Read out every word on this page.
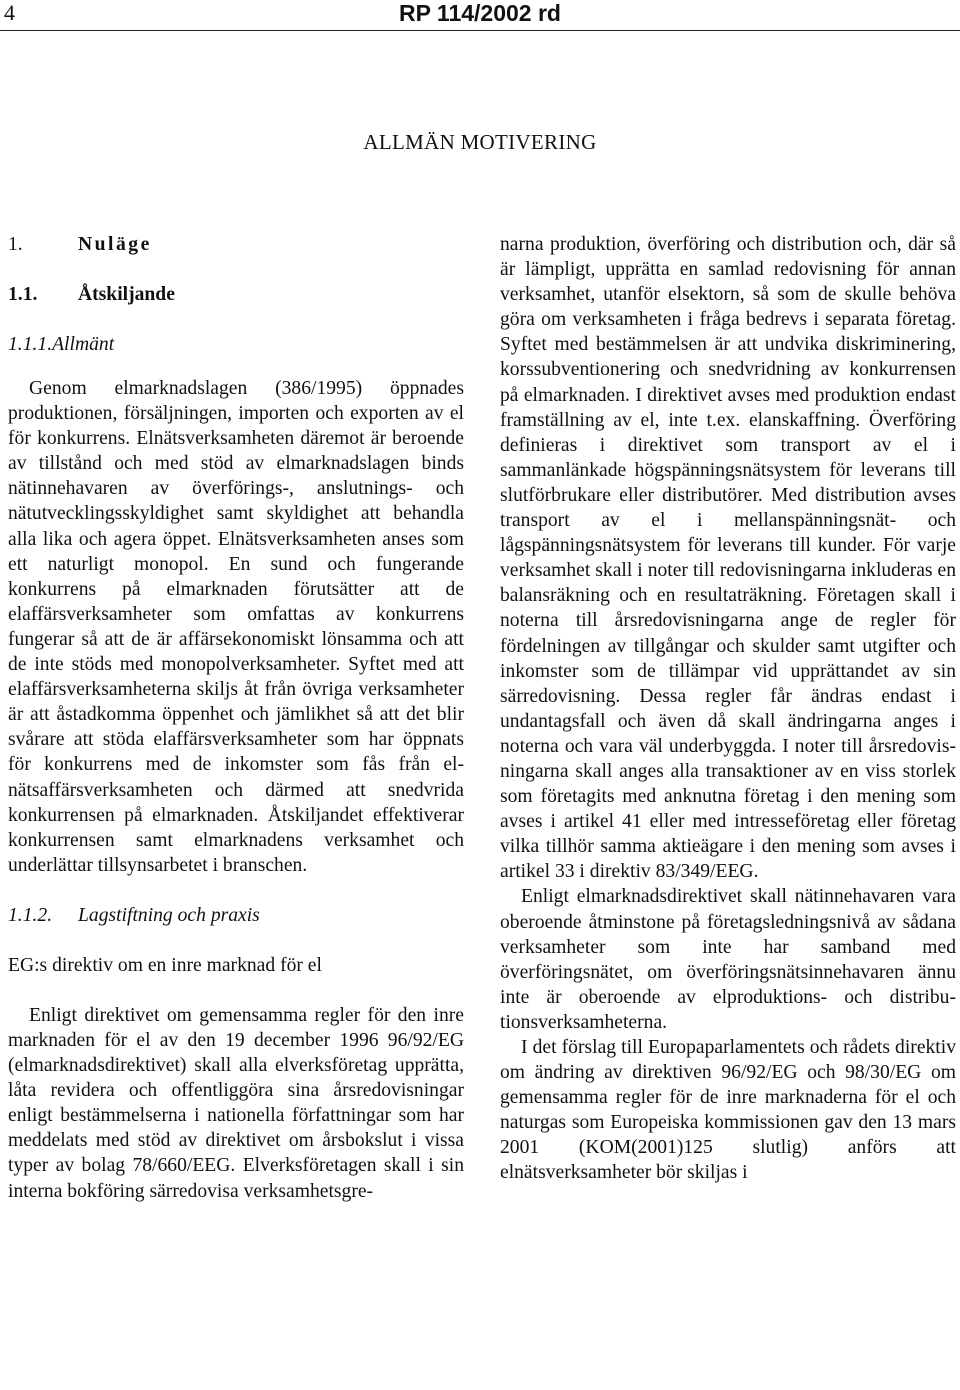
4	RP 114/2002 rd
ALLMÄN MOTIVERING
1.	Nuläge
1.1. Åtskiljande
1.1.1.Allmänt

Genom elmarknadslagen (386/1995) öppnades produktionen, försäljningen, importen och exporten av el för konkurrens. Elnätsverksamheten däremot är beroende av tillstånd och med stöd av elmarknadslagen binds nätinnehavaren av överförings-, anslutnings- och nätutvecklingsskyldighet samt skyldighet att behandla alla lika och agera öppet. Elnätsverksamheten anses som ett naturligt monopol. En sund och fungerande konkurrens på elmarknaden förutsätter att de elaffärsverksamheter som omfattas av konkurrens fungerar så att de är affärsekonomiskt lönsamma och att de inte stöds med monopolverksamheter. Syftet med att elaffärsverksamheterna skiljs åt från övriga verksamheter är att åstadkomma öppenhet och jämlikhet så att det blir svårare att stöda elaffärsverksamheter som har öppnats för konkurrens med de inkomster som fås från elnätsaffärsverksamheten och därmed att snedvrida konkurrensen på elmarknaden. Åtskiljandet effektiverar konkurrensen samt elmarknadens verksamhet och underlättar tillsynsarbetet i branschen.

1.1.2. Lagstiftning och praxis
EG:s direktiv om en inre marknad för el

Enligt direktivet om gemensamma regler för den inre marknaden för el av den 19 december 1996 96/92/EG (elmarknadsdirektivet) skall alla elverksföretag upprätta, låta revidera och offentliggöra sina årsredovisningar enligt bestämmelserna i nationella författningar som har meddelats med stöd av direktivet om årsbokslut i vissa typer av bolag 78/660/EEG. Elverksföretagen skall i sin interna bokföring särredovisa verksamhetsgre-

narna produktion, överföring och distribution och, där så är lämpligt, upprätta en samlad redovisning för annan verksamhet, utanför elsektorn, så som de skulle behöva göra om verksamheten i fråga bedrevs i separata företag. Syftet med bestämmelsen är att undvika diskriminering, korssubventionering och snedvridning av konkurrensen på elmarknaden. I direktivet avses med produktion endast framställning av el, inte t.ex. elanskaffning. Överföring definieras i direktivet som transport av el i sammanlänkade högspänningsnätsystem för leverans till slutförbrukare eller distributörer. Med distribution avses transport av el i mellanspänningsnät- och lågspänningsnätsystem för leverans till kunder. För varje verksamhet skall i noter till redovisningarna inkluderas en balansräkning och en resultaträkning. Företagen skall i noterna till årsredovisningarna ange de regler för fördelningen av tillgångar och skulder samt utgifter och inkomster som de tillämpar vid upprättandet av sin särredovisning. Dessa regler får ändras endast i undantagsfall och även då skall ändringarna anges i noterna och vara väl underbyggda. I noter till årsredovisningarna skall anges alla transaktioner av en viss storlek som företagits med anknutna företag i den mening som avses i artikel 41 eller med intresseföretag eller företag vilka tillhör samma aktieägare i den mening som avses i artikel 33 i direktiv 83/349/EEG.

Enligt elmarknadsdirektivet skall nätinnehavaren vara oberoende åtminstone på företagsledningsnivå av sådana verksamheter som inte har samband med överföringsnätet, om överföringsnätsinnehavaren ännu inte är oberoende av elproduktions- och distributionsverksamheterna.

I det förslag till Europaparlamentets och rådets direktiv om ändring av direktiven 96/92/EG och 98/30/EG om gemensamma regler för de inre marknaderna för el och naturgas som Europeiska kommissionen gav den 13 mars 2001 (KOM(2001)125 slutlig) anförs att elnätsverksamheter bör skiljas i
